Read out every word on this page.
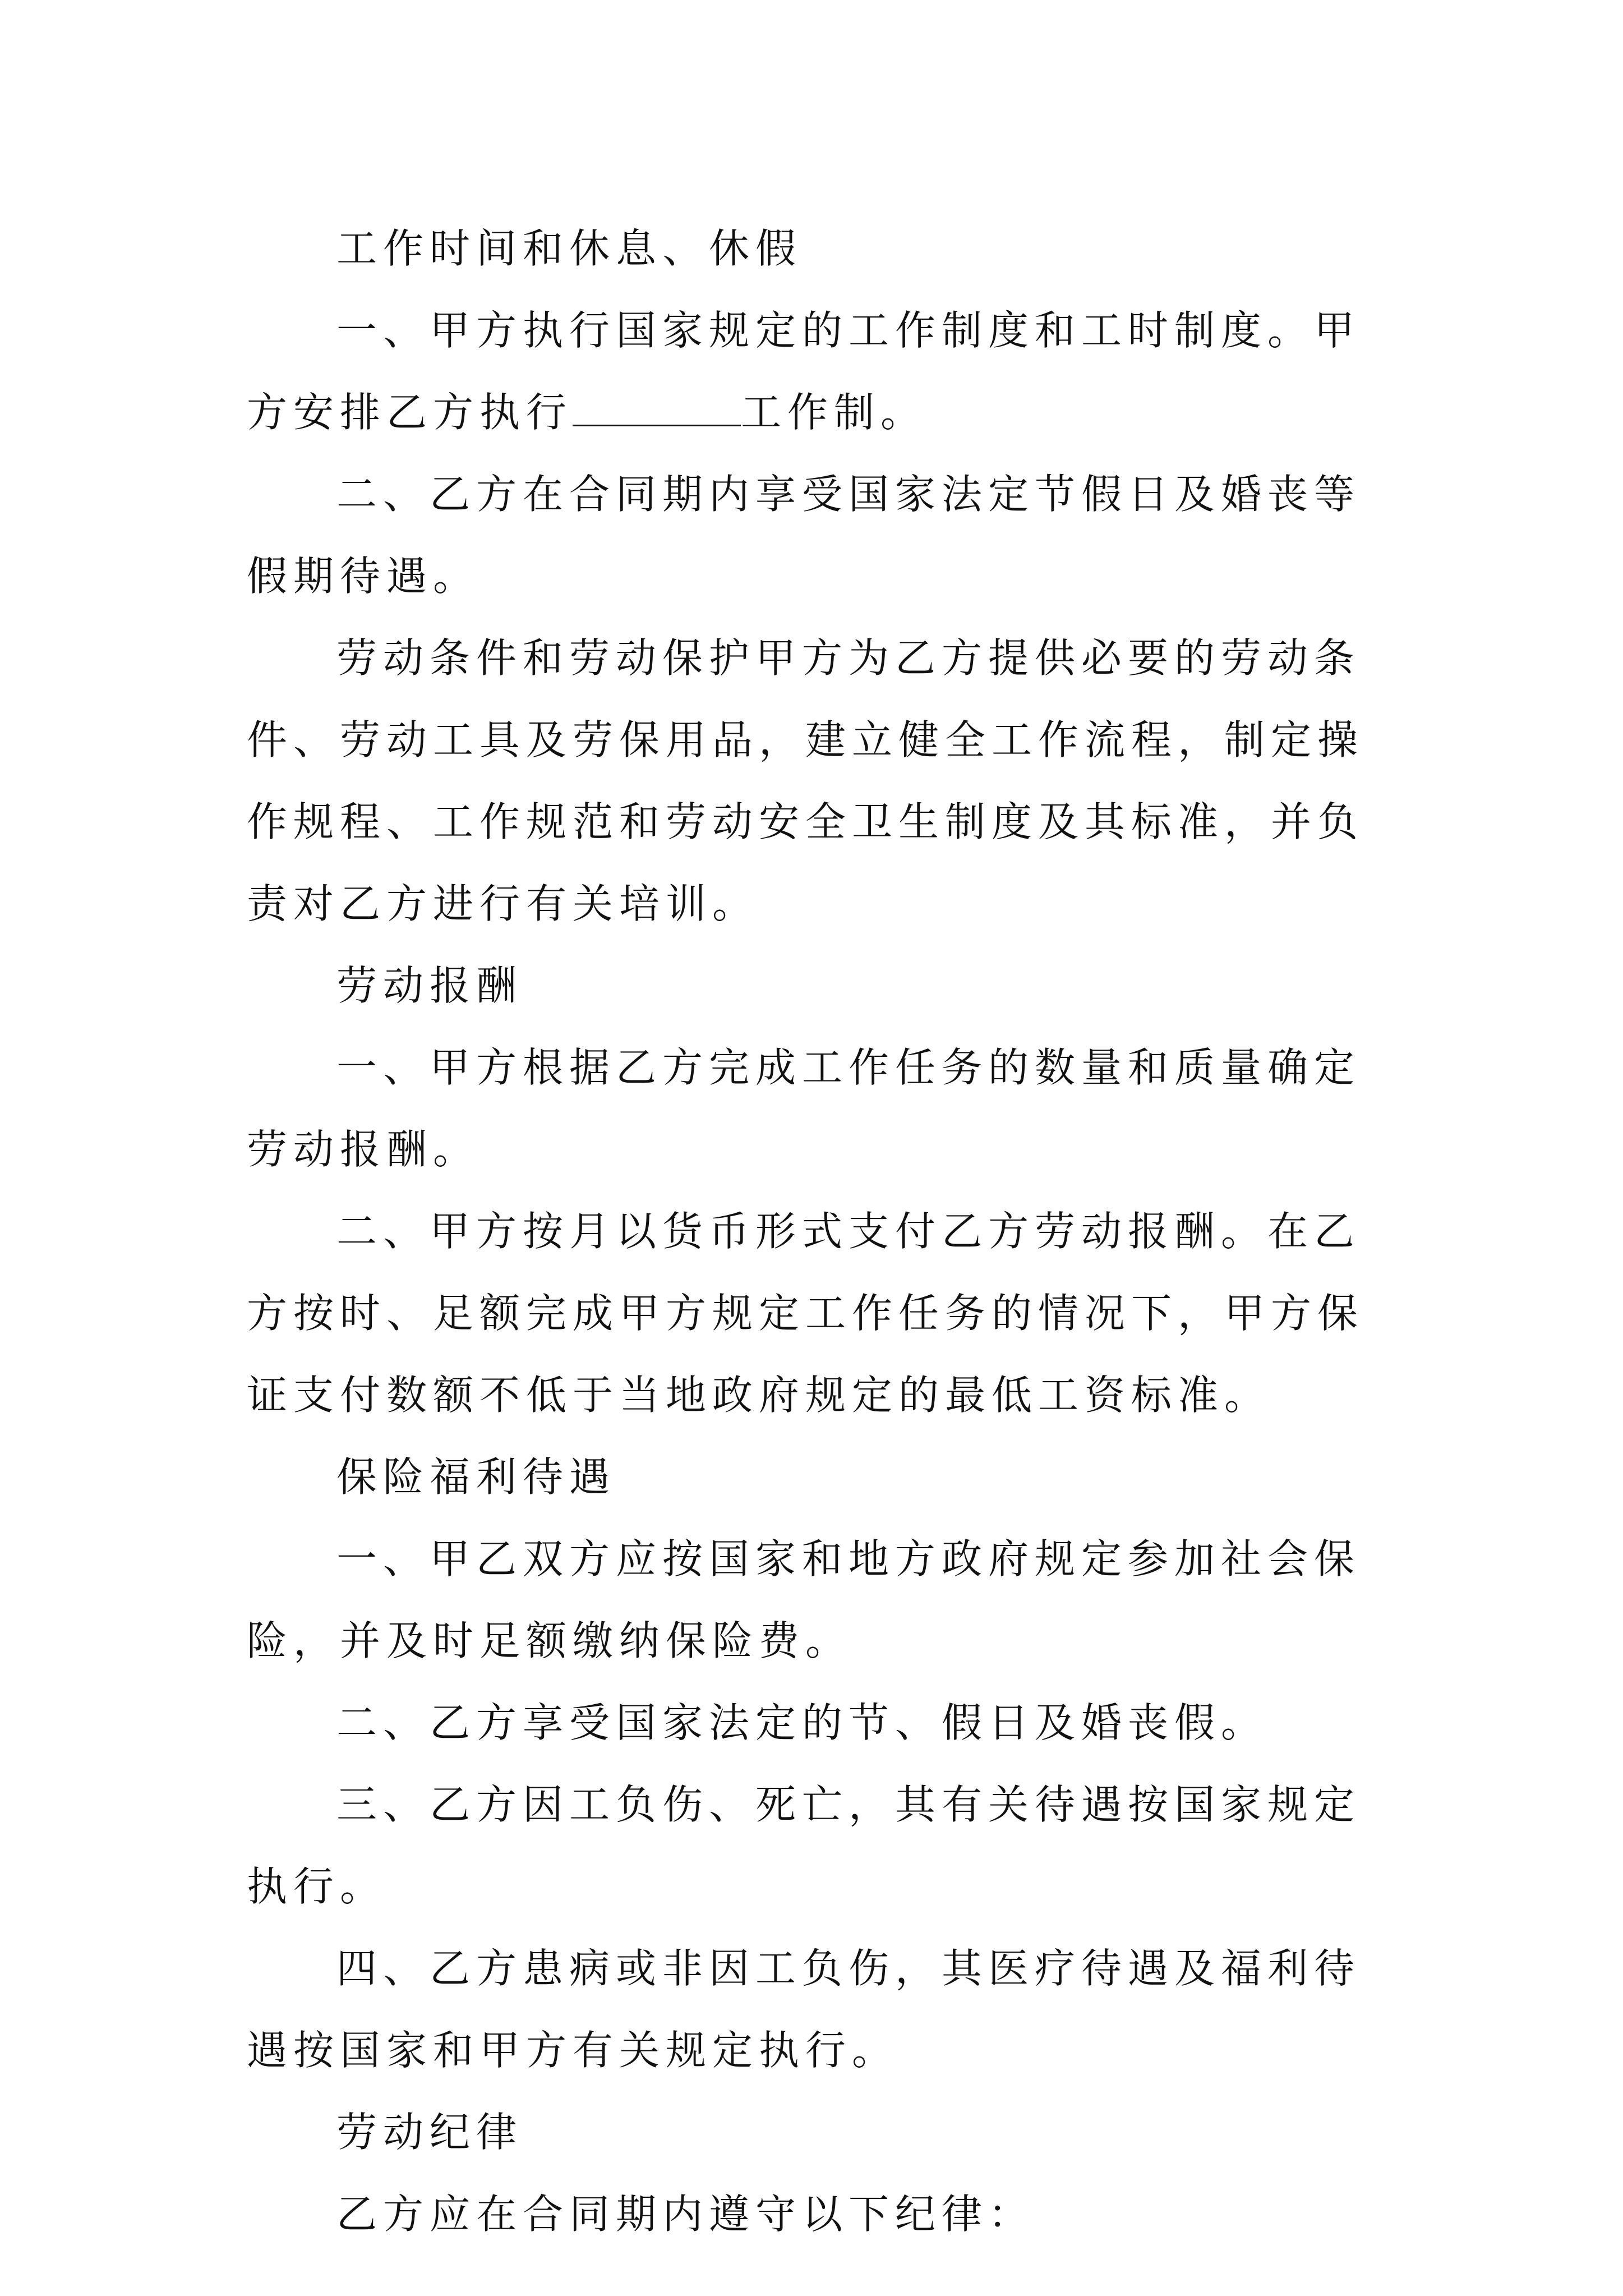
工作时间和休息、休假

一、甲方执行国家规定的工作制度和工时制度。甲方安排乙方执行	工作制。

二、乙方在合同期内享受国家法定节假日及婚丧等假期待遇。

劳动条件和劳动保护甲方为乙方提供必要的劳动条件、劳动工具及劳保用品，建立健全工作流程，制定操作规程、工作规范和劳动安全卫生制度及其标准，并负责对乙方进行有关培训。

劳动报酬

一、甲方根据乙方完成工作任务的数量和质量确定劳动报酬。

二、甲方按月以货币形式支付乙方劳动报酬。在乙方按时、足额完成甲方规定工作任务的情况下，甲方保证支付数额不低于当地政府规定的最低工资标准。

保险福利待遇

一、甲乙双方应按国家和地方政府规定参加社会保险，并及时足额缴纳保险费。

二、乙方享受国家法定的节、假日及婚丧假。

三、乙方因工负伤、死亡，其有关待遇按国家规定执行。

四、乙方患病或非因工负伤，其医疗待遇及福利待遇按国家和甲方有关规定执行。

劳动纪律

乙方应在合同期内遵守以下纪律：
